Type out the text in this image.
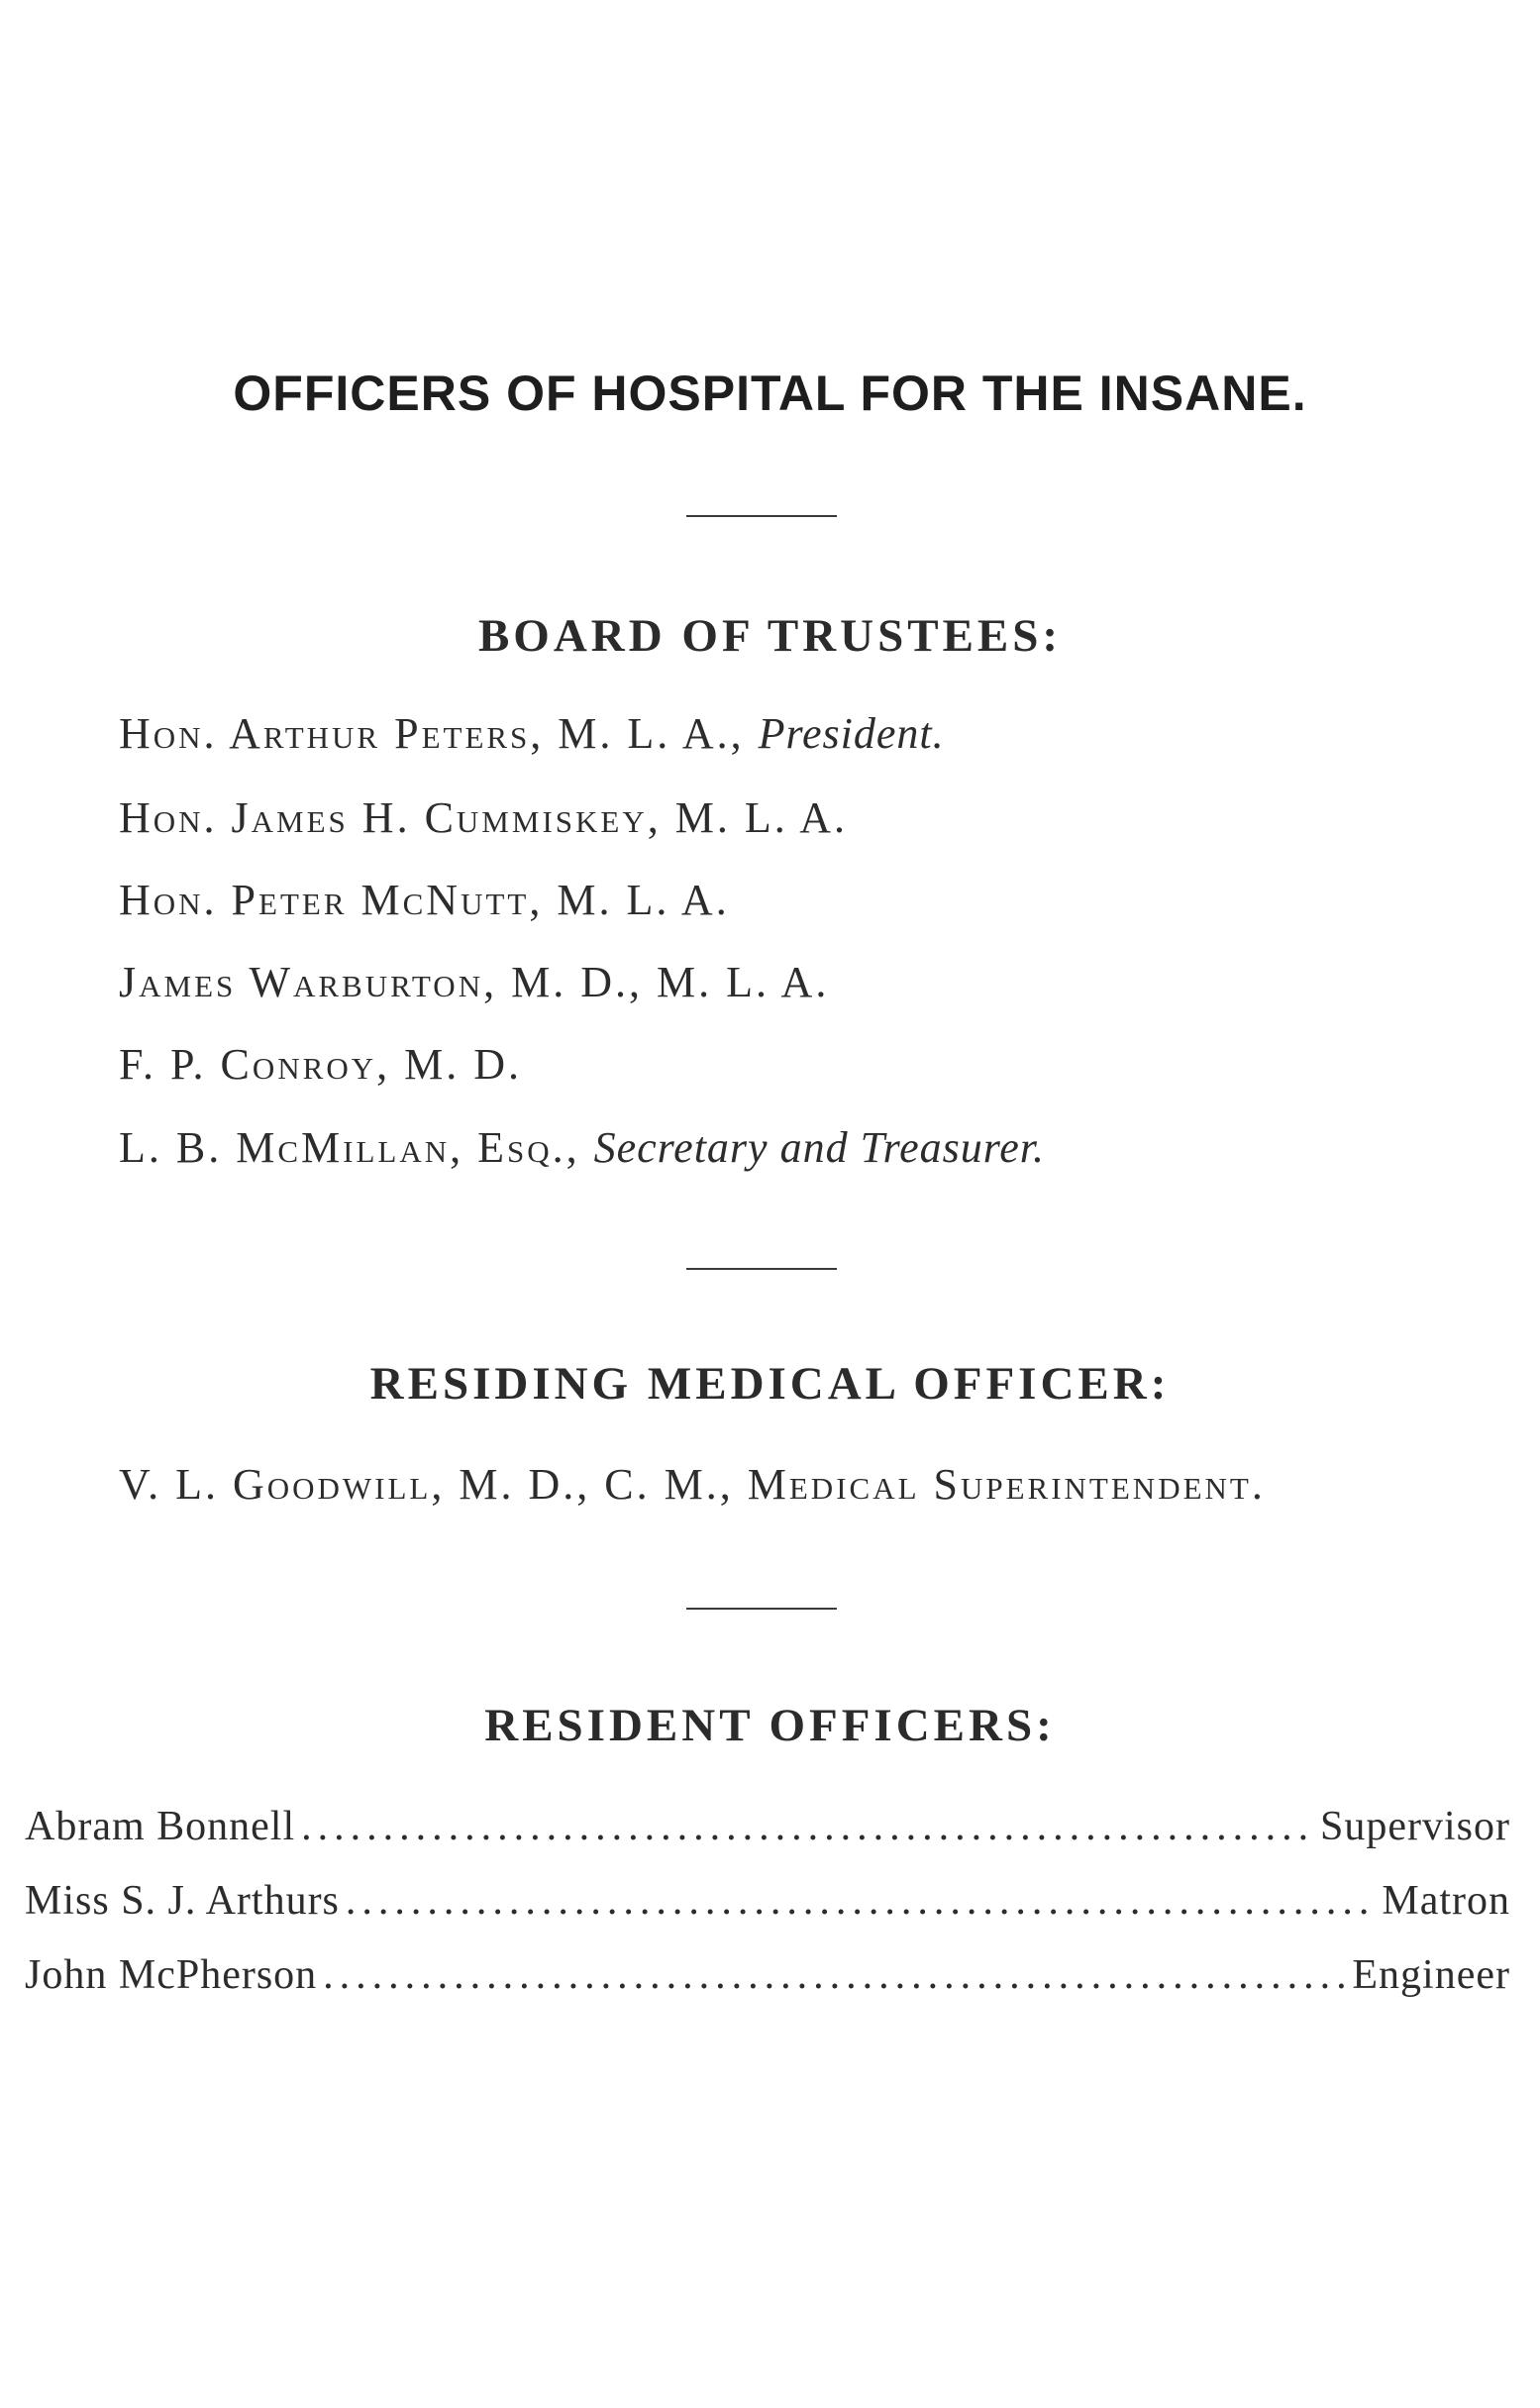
OFFICERS OF HOSPITAL FOR THE INSANE.
BOARD OF TRUSTEES:
Hon. Arthur Peters, M. L. A., President.
Hon. James H. Cummiskey, M. L. A.
Hon. Peter McNutt, M. L. A.
James Warburton, M. D., M. L. A.
F. P. Conroy, M. D.
L. B. McMillan, Esq., Secretary and Treasurer.
RESIDING MEDICAL OFFICER:
V. L. Goodwill, M. D., C. M., Medical Superintendent.
RESIDENT OFFICERS:
Abram Bonnell .....	Supervisor
Miss S. J. Arthurs .....	Matron
John McPherson .....	Engineer
